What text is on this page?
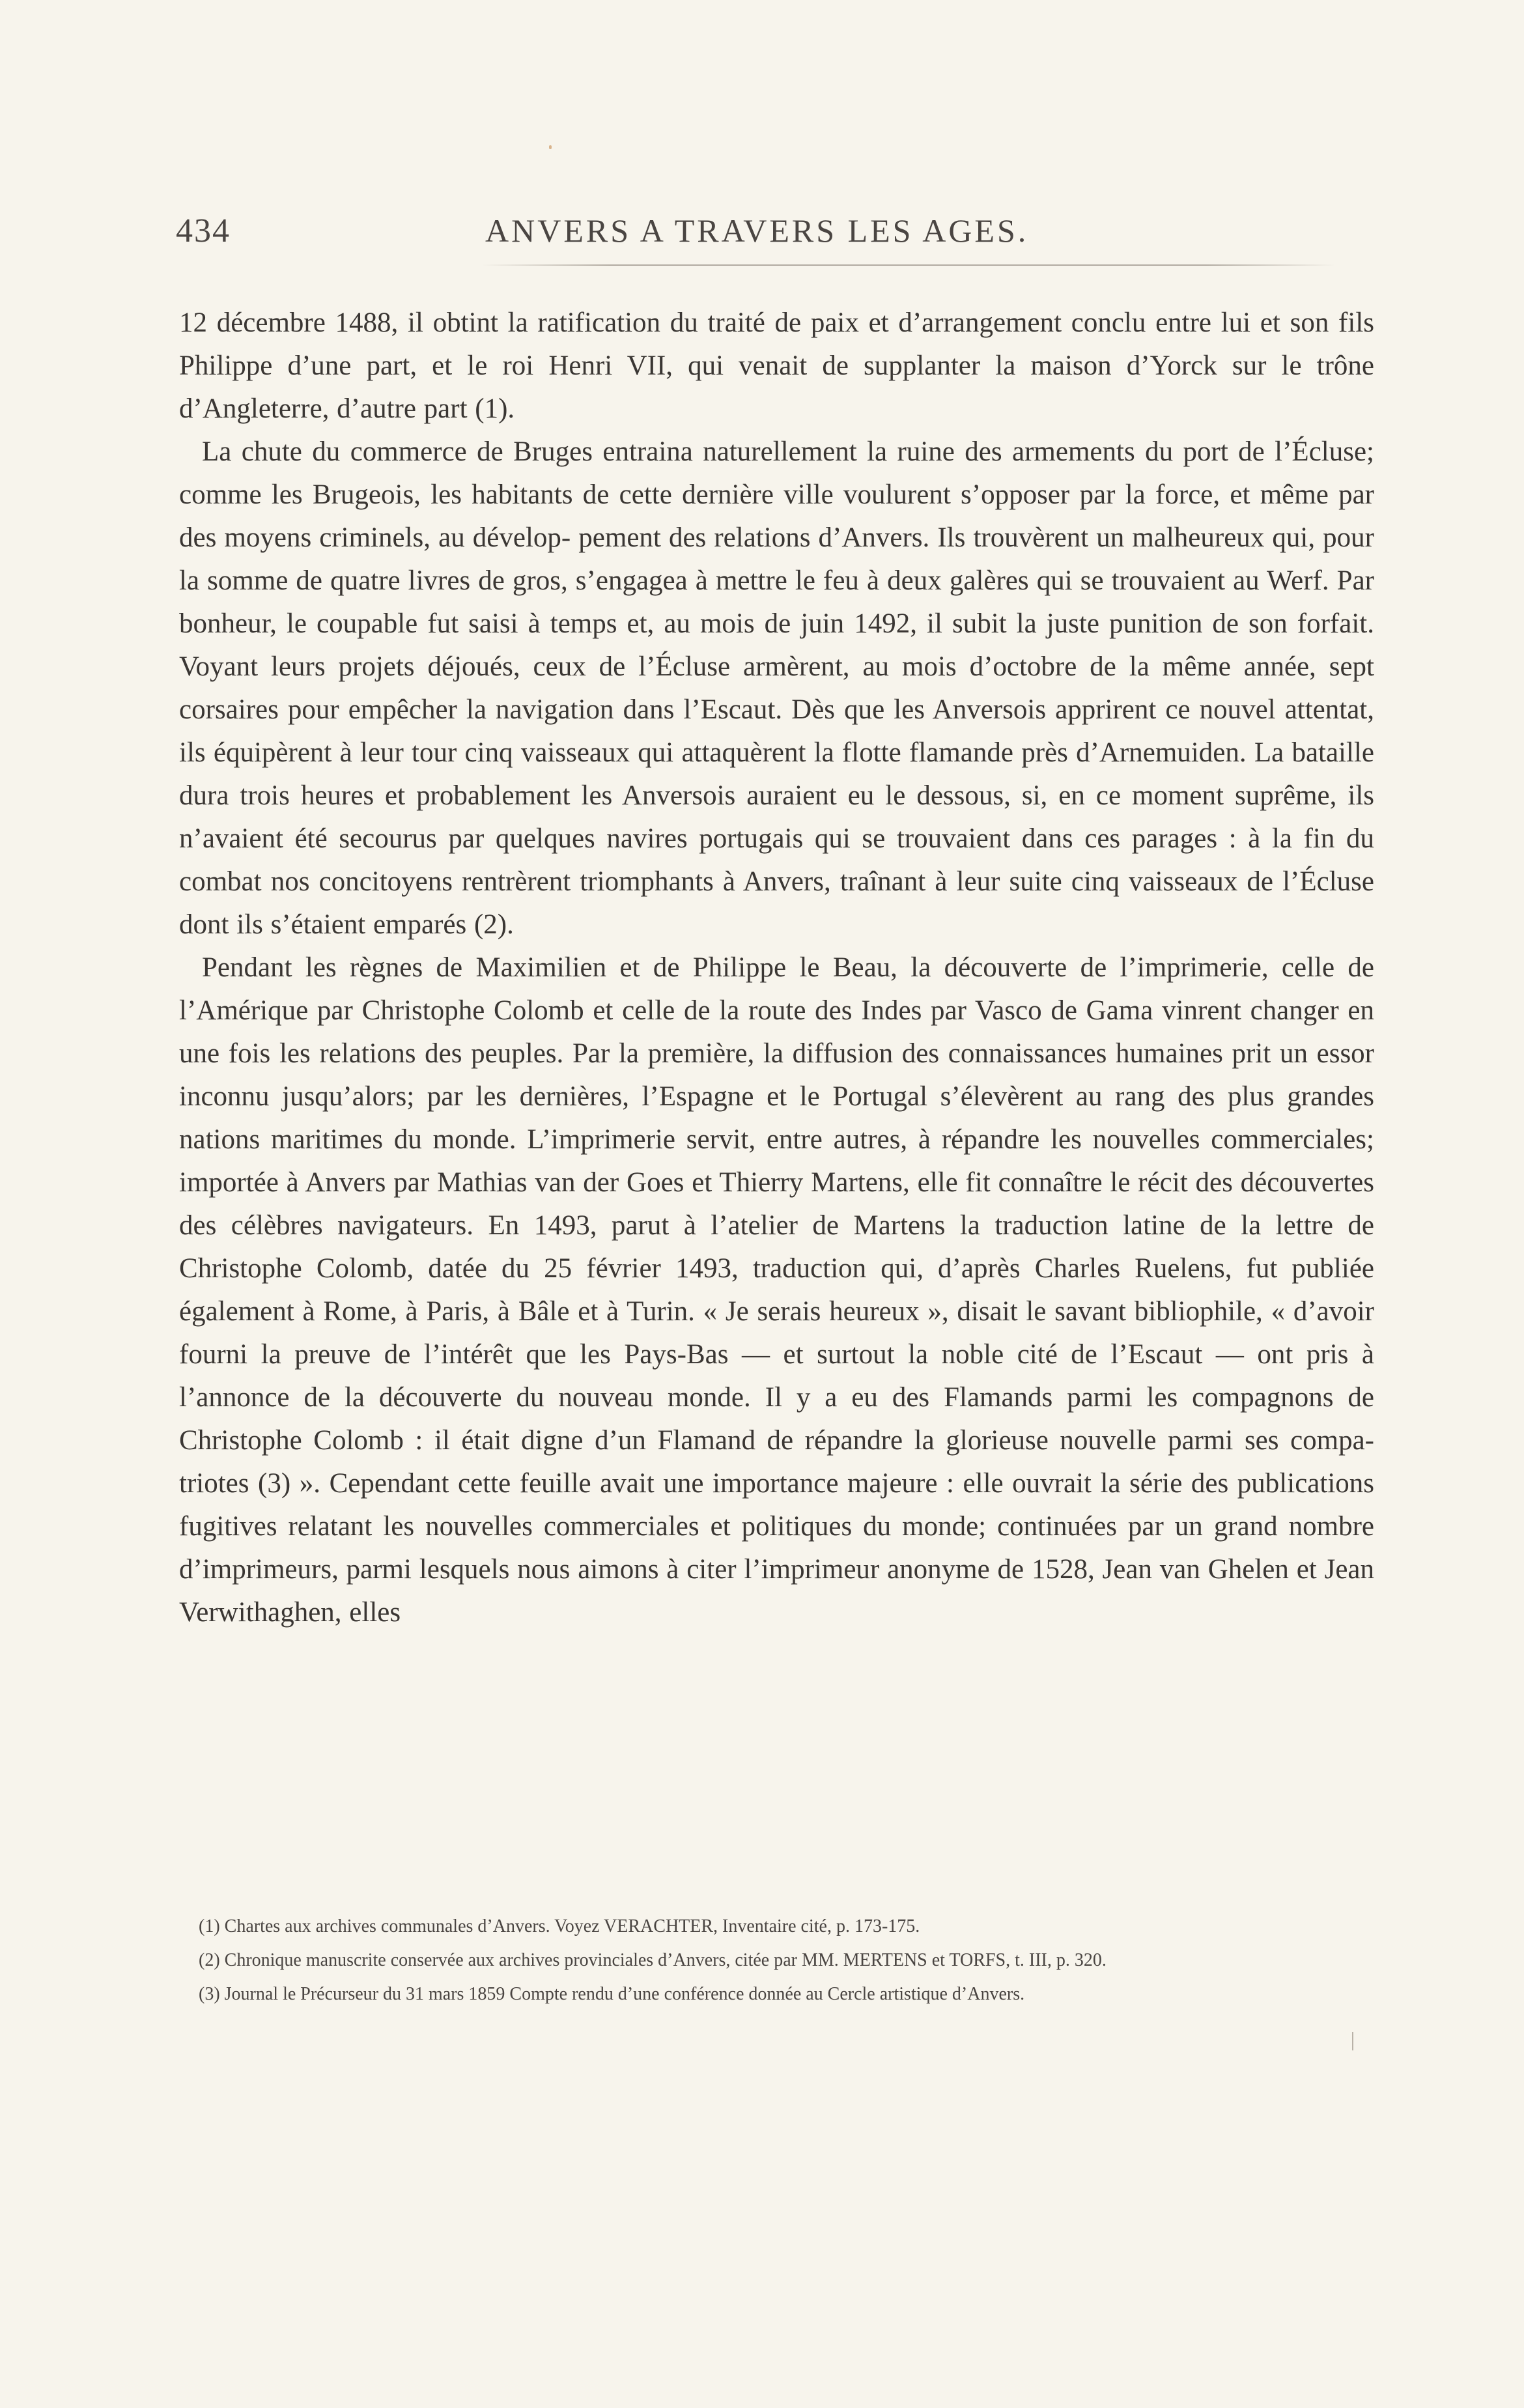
434	ANVERS A TRAVERS LES AGES.

12 décembre 1488, il obtint la ratification du traité de paix et d’arrangement conclu entre lui et son fils Philippe d’une part, et le roi Henri VII, qui venait de supplanter la maison d’Yorck sur le trône d’Angleterre, d’autre part (1).

La chute du commerce de Bruges entraina naturellement la ruine des armements du port de l’Écluse; comme les Brugeois, les habitants de cette dernière ville voulurent s’opposer par la force, et même par des moyens criminels, au dévelop- pement des relations d’Anvers. Ils trouvèrent un malheureux qui, pour la somme de quatre livres de gros, s’engagea à mettre le feu à deux galères qui se trouvaient au Werf. Par bonheur, le coupable fut saisi à temps et, au mois de juin 1492, il subit la juste punition de son forfait. Voyant leurs projets déjoués, ceux de l’Écluse armèrent, au mois d’octobre de la même année, sept corsaires pour empêcher la navigation dans l’Escaut. Dès que les Anversois apprirent ce nouvel attentat, ils équipèrent à leur tour cinq vaisseaux qui attaquèrent la flotte flamande près d’Arnemuiden. La bataille dura trois heures et probablement les Anversois auraient eu le dessous, si, en ce moment suprême, ils n’avaient été secourus par quelques navires portugais qui se trouvaient dans ces parages : à la fin du combat nos concitoyens rentrèrent triomphants à Anvers, traînant à leur suite cinq vaisseaux de l’Écluse dont ils s’étaient emparés (2).

Pendant les règnes de Maximilien et de Philippe le Beau, la découverte de l’imprimerie, celle de l’Amérique par Christophe Colomb et celle de la route des Indes par Vasco de Gama vinrent changer en une fois les relations des peuples. Par la première, la diffusion des connaissances humaines prit un essor inconnu jusqu’alors; par les dernières, l’Espagne et le Portugal s’élevèrent au rang des plus grandes nations maritimes du monde. L’imprimerie servit, entre autres, à répandre les nouvelles commerciales; importée à Anvers par Mathias van der Goes et Thierry Martens, elle fit connaître le récit des découvertes des célèbres navigateurs. En 1493, parut à l’atelier de Martens la traduction latine de la lettre de Christophe Colomb, datée du 25 février 1493, traduction qui, d’après Charles Ruelens, fut publiée également à Rome, à Paris, à Bâle et à Turin. « Je serais heureux », disait le savant bibliophile, « d’avoir fourni la preuve de l’intérêt que les Pays-Bas — et surtout la noble cité de l’Escaut — ont pris à l’annonce de la découverte du nouveau monde. Il y a eu des Flamands parmi les compagnons de Christophe Colomb : il était digne d’un Flamand de répandre la glorieuse nouvelle parmi ses compa- triotes (3) ». Cependant cette feuille avait une importance majeure : elle ouvrait la série des publications fugitives relatant les nouvelles commerciales et politiques du monde; continuées par un grand nombre d’imprimeurs, parmi lesquels nous aimons à citer l’imprimeur anonyme de 1528, Jean van Ghelen et Jean Verwithaghen, elles

(1) Chartes aux archives communales d’Anvers. Voyez VERACHTER, Inventaire cité, p. 173-175.

(2) Chronique manuscrite conservée aux archives provinciales d’Anvers, citée par MM. MERTENS et TORFS, t. III, p. 320.

(3) Journal le Précurseur du 31 mars 1859 Compte rendu d’une conférence donnée au Cercle artistique d’Anvers.
